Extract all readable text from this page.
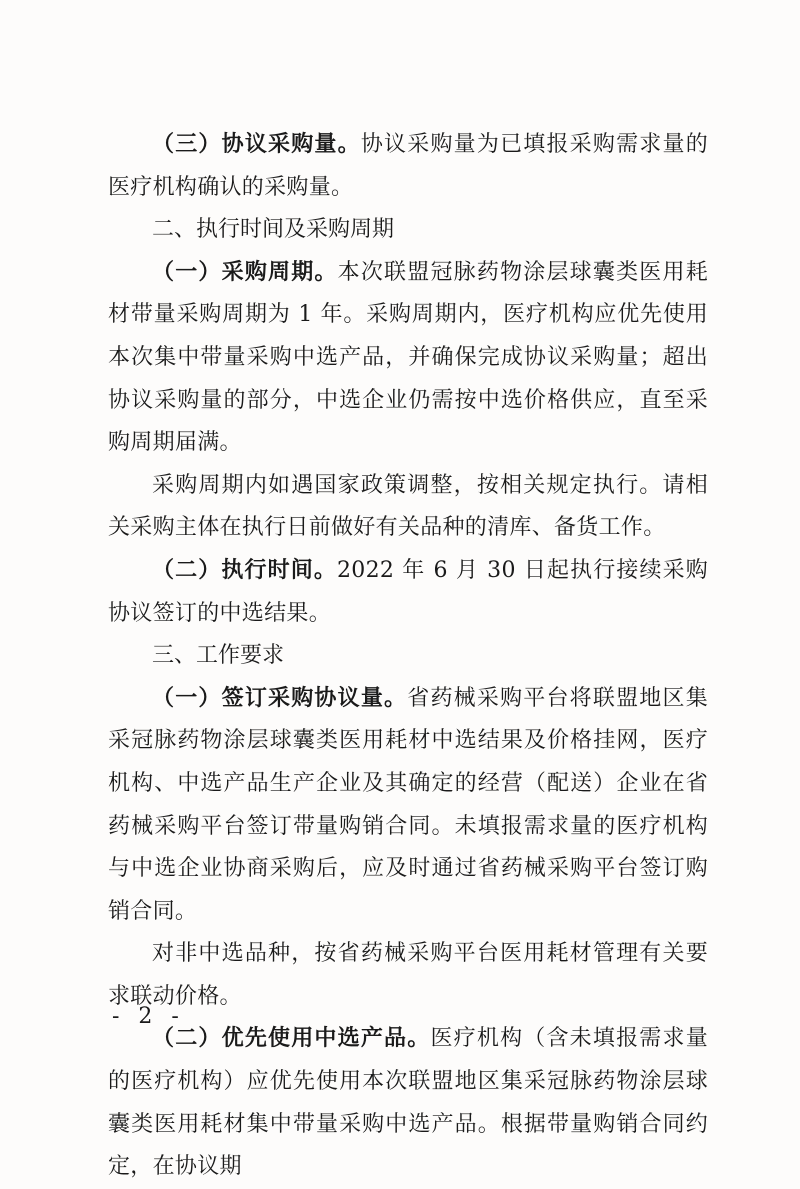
（三）协议采购量。协议采购量为已填报采购需求量的医疗机构确认的采购量。

二、执行时间及采购周期

（一）采购周期。本次联盟冠脉药物涂层球囊类医用耗材带量采购周期为 1 年。采购周期内，医疗机构应优先使用本次集中带量采购中选产品，并确保完成协议采购量；超出协议采购量的部分，中选企业仍需按中选价格供应，直至采购周期届满。

采购周期内如遇国家政策调整，按相关规定执行。请相关采购主体在执行日前做好有关品种的清库、备货工作。

（二）执行时间。2022 年 6 月 30 日起执行接续采购协议签订的中选结果。

三、工作要求

（一）签订采购协议量。省药械采购平台将联盟地区集采冠脉药物涂层球囊类医用耗材中选结果及价格挂网，医疗机构、中选产品生产企业及其确定的经营（配送）企业在省药械采购平台签订带量购销合同。未填报需求量的医疗机构与中选企业协商采购后，应及时通过省药械采购平台签订购销合同。

对非中选品种，按省药械采购平台医用耗材管理有关要求联动价格。

（二）优先使用中选产品。医疗机构（含未填报需求量的医疗机构）应优先使用本次联盟地区集采冠脉药物涂层球囊类医用耗材集中带量采购中选产品。根据带量购销合同约定，在协议期

- 2 -
